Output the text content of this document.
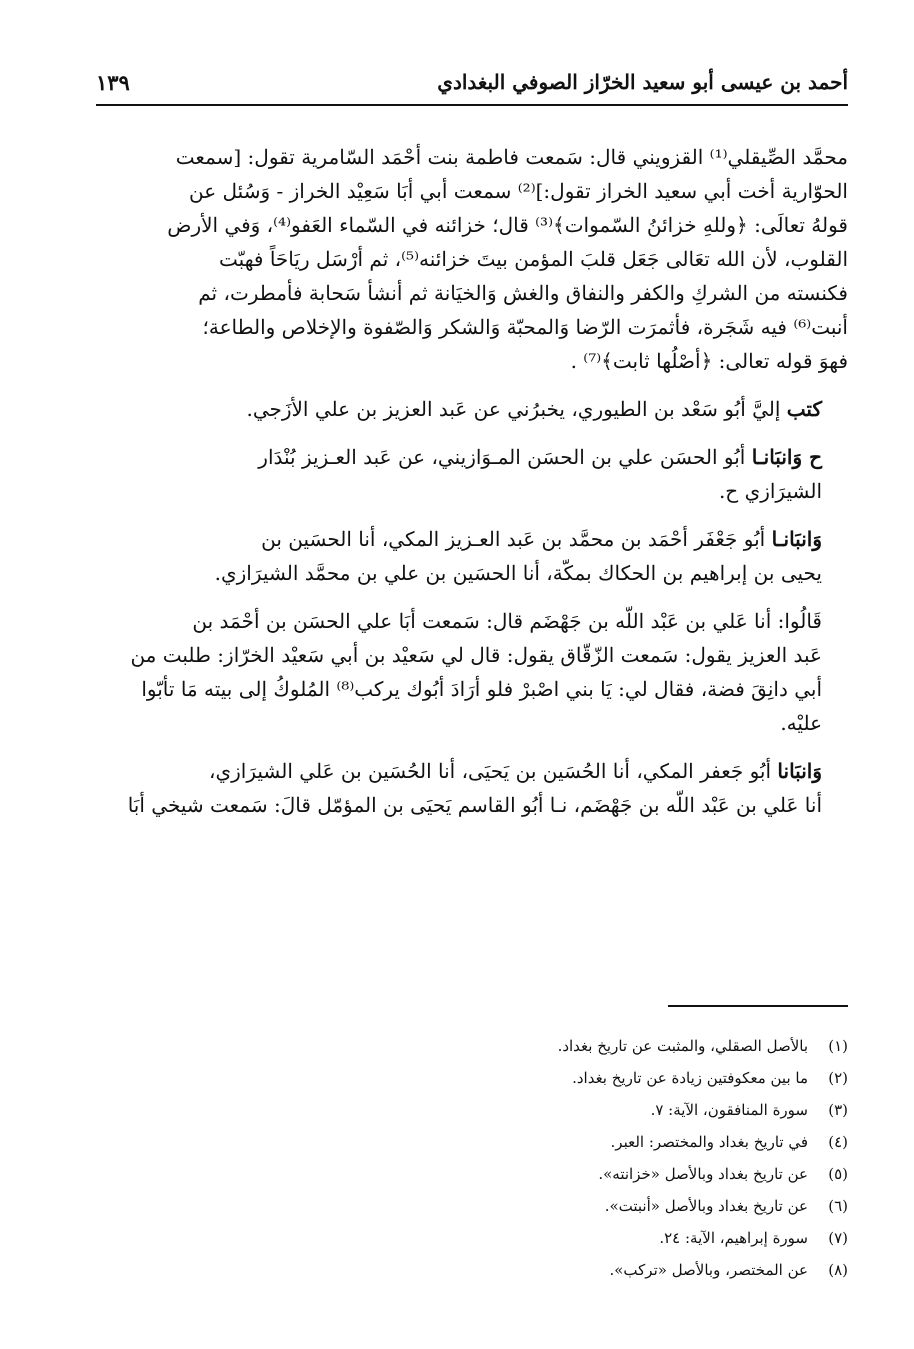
أحمد بن عيسى أبو سعيد الخرّاز الصوفي البغدادي
١٣٩

محمَّد الصِّيقلي⁽¹⁾ القزويني قال: سَمعت فاطمة بنت أحْمَد السّامرية تقول: [سمعت
الحوّارية أخت أبي سعيد الخراز تقول:]⁽²⁾ سمعت أبي أبَا سَعِيْد الخراز - وَسُئل عن
قولهُ تعالَى: ﴿وللهِ خزائنُ السّموات﴾⁽³⁾ قال؛ خزائنه في السّماء العَفو⁽⁴⁾، وَفي الأرض
القلوب، لأن الله تعَالى جَعَل قلبَ المؤمن بيتَ خزائنه⁽⁵⁾، ثم أرْسَل ريَاحَاً فهبّت
فكنسته من الشركِ والكفر والنفاق والغش وَالخيَانة ثم أنشأ سَحابة فأمطرت، ثم
أنبت⁽⁶⁾ فيه شَجَرة، فأثمرَت الرّضا وَالمحبّة وَالشكر وَالصّفوة والإخلاص والطاعة؛
فهوَ قوله تعالى: ﴿أصْلُها ثابت﴾⁽⁷⁾ .

كتب إليَّ أبُو سَعْد بن الطيوري، يخبرُني عن عَبد العزيز بن علي الأزَجي.

ح وَانبَانـا أبُو الحسَن علي بن الحسَن المـوَازيني، عن عَبد العـزيز بُنْدَار
الشيرَازي ح.

وَانبَانـا أبُو جَعْفَر أحْمَد بن محمَّد بن عَبد العـزيز المكي، أنا الحسَين بن
يحيى بن إبراهيم بن الحكاك بمكّة، أنا الحسَين بن علي بن محمَّد الشيرَازي.

قَالُوا: أنا عَلي بن عَبْد اللّه بن جَهْضَم قال: سَمعت أبَا علي الحسَن بن أحْمَد بن
عَبد العزيز يقول: سَمعت الزّقّاق يقول: قال لي سَعيْد بن أبي سَعيْد الخرّاز: طلبت من
أبي دانِقَ فضة، فقال لي: يَا بني اصْبرْ فلو أرَادَ أبُوك يركب⁽⁸⁾ المُلوكُ إلى بيته مَا تأبّوا
عليْه.

وَانبَانا أبُو جَعفر المكي، أنا الحُسَين بن يَحيَى، أنا الحُسَين بن عَلي الشيرَازي،
أنا عَلي بن عَبْد اللّه بن جَهْضَم، نـا أبُو القاسم يَحيَى بن المؤمّل قالَ: سَمعت شيخي أبَا

(١)
بالأصل الصقلي، والمثبت عن تاريخ بغداد.
(٢)
ما بين معكوفتين زيادة عن تاريخ بغداد.
(٣)
سورة المنافقون، الآية: ٧.
(٤)
في تاريخ بغداد والمختصر: العبر.
(٥)
عن تاريخ بغداد وبالأصل «خزانته».
(٦)
عن تاريخ بغداد وبالأصل «أنبتت».
(٧)
سورة إبراهيم، الآية: ٢٤.
(٨)
عن المختصر، وبالأصل «تركب».
